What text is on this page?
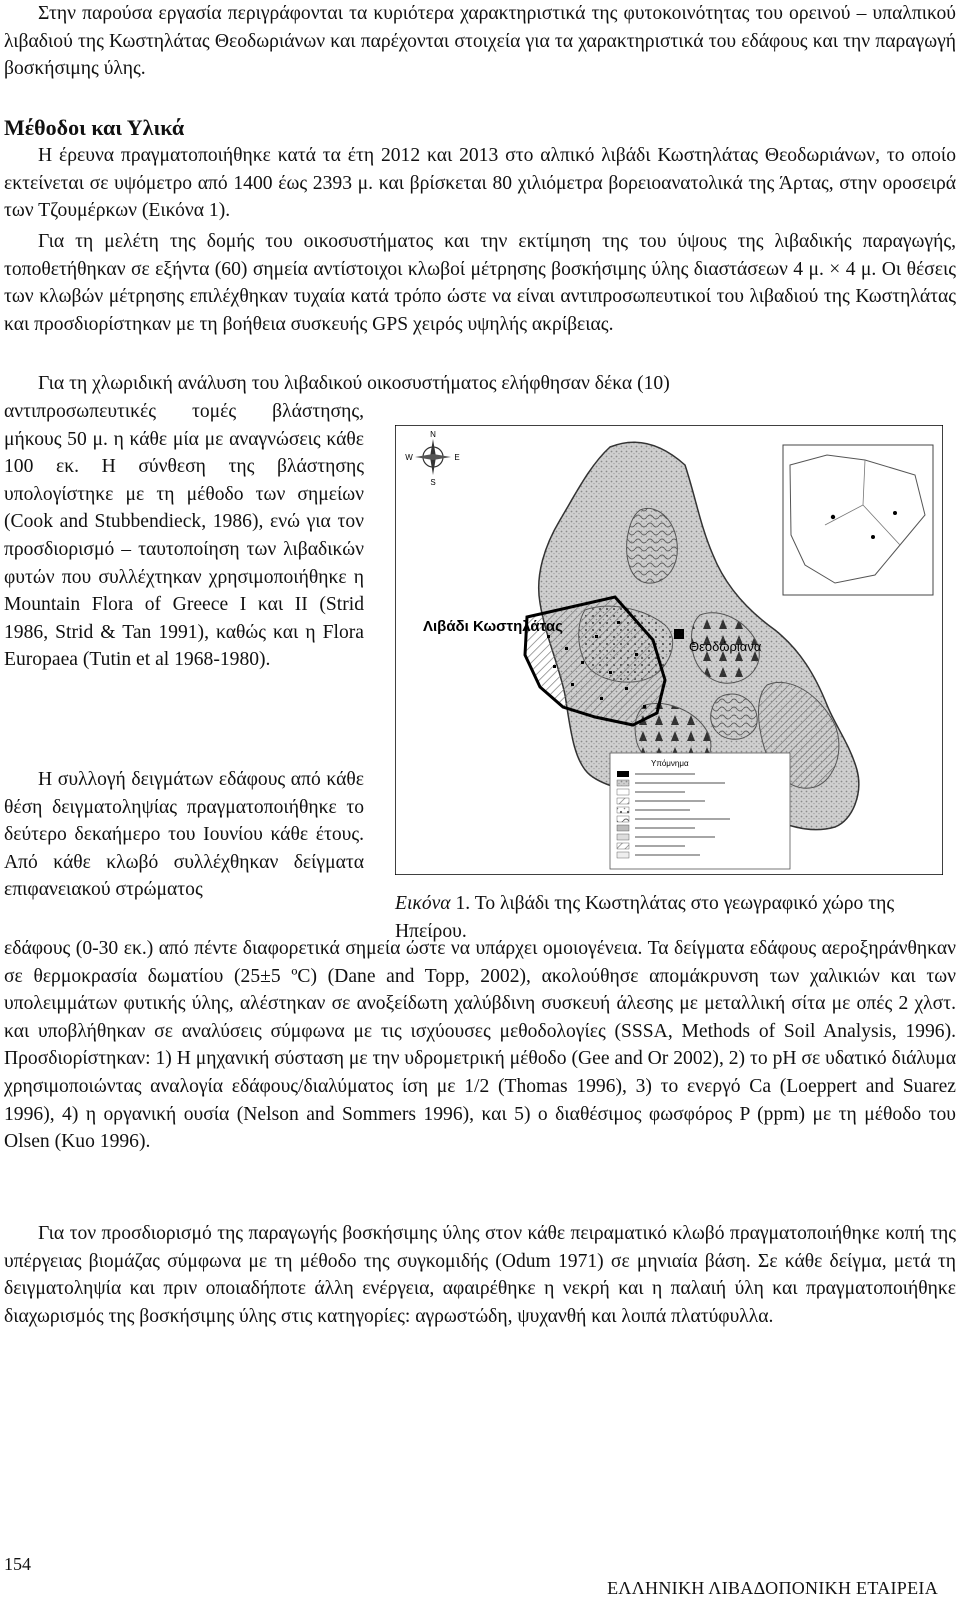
Στην παρούσα εργασία περιγράφονται τα κυριότερα χαρακτηριστικά της φυτοκοινότητας του ορεινού – υπαλπικού λιβαδιού της Κωστηλάτας Θεοδωριάνων και παρέχονται στοιχεία για τα χαρακτηριστικά του εδάφους και την παραγωγή βοσκήσιμης ύλης.

Μέθοδοι και Υλικά

Η έρευνα πραγματοποιήθηκε κατά τα έτη 2012 και 2013 στο αλπικό λιβάδι Κωστηλάτας Θεοδωριάνων, το οποίο εκτείνεται σε υψόμετρο από 1400 έως 2393 μ. και βρίσκεται 80 χιλιόμετρα βορειοανατολικά της Άρτας, στην οροσειρά των Τζουμέρκων (Εικόνα 1).

Για τη μελέτη της δομής του οικοσυστήματος και την εκτίμηση της του ύψους της λιβαδικής παραγωγής, τοποθετήθηκαν σε εξήντα (60) σημεία αντίστοιχοι κλωβοί μέτρησης βοσκήσιμης ύλης διαστάσεων 4 μ. × 4 μ. Οι θέσεις των κλωβών μέτρησης επιλέχθηκαν τυχαία κατά τρόπο ώστε να είναι αντιπροσωπευτικοί του λιβαδιού της Κωστηλάτας και προσδιορίστηκαν με τη βοήθεια συσκευής GPS χειρός υψηλής ακρίβειας.

Για τη χλωριδική ανάλυση του λιβαδικού οικοσυστήματος ελήφθησαν δέκα (10)

αντιπροσωπευτικές τομές βλάστησης, μήκους 50 μ. η κάθε μία με αναγνώσεις κάθε 100 εκ. Η σύνθεση της βλάστησης υπολογίστηκε με τη μέθοδο των σημείων (Cook and Stubbendieck, 1986), ενώ για τον προσδιορισμό – ταυτοποίηση των λιβαδικών φυτών που συλλέχτηκαν χρησιμοποιήθηκε η Mountain Flora of Greece I και II (Strid 1986, Strid & Tan 1991), καθώς και η Flora Europaea (Tutin et al 1968-1980).

Η συλλογή δειγμάτων εδάφους από κάθε θέση δειγματοληψίας πραγματοποιήθηκε το δεύτερο δεκαήμερο του Ιουνίου κάθε έτους. Από κάθε κλωβό συλλέχθηκαν δείγματα επιφανειακού στρώματος

εδάφους (0-30 εκ.) από πέντε διαφορετικά σημεία ώστε να υπάρχει ομοιογένεια. Τα δείγματα εδάφους αεροξηράνθηκαν σε θερμοκρασία δωματίου (25±5 ºC) (Dane and Topp, 2002), ακολούθησε απομάκρυνση των χαλικιών και των υπολειμμάτων φυτικής ύλης, αλέστηκαν σε ανοξείδωτη χαλύβδινη συσκευή άλεσης με μεταλλική σίτα με οπές 2 χλστ. και υποβλήθηκαν σε αναλύσεις σύμφωνα με τις ισχύουσες μεθοδολογίες (SSSA, Methods of Soil Analysis, 1996). Προσδιορίστηκαν: 1) Η μηχανική σύσταση με την υδρομετρική μέθοδο (Gee and Or 2002), 2) το pH σε υδατικό διάλυμα χρησιμοποιώντας αναλογία εδάφους/διαλύματος ίση με 1/2 (Thomas 1996), 3) το ενεργό Ca (Loeppert and Suarez 1996), 4) η οργανική ουσία (Nelson and Sommers 1996), και 5) ο διαθέσιμος φωσφόρος P (ppm) με τη μέθοδο του Olsen (Kuo 1996).

Για τον προσδιορισμό της παραγωγής βοσκήσιμης ύλης στον κάθε πειραματικό κλωβό πραγματοποιήθηκε κοπή της υπέργειας βιομάζας σύμφωνα με τη μέθοδο της συγκομιδής (Odum 1971) σε μηνιαία βάση. Σε κάθε δείγμα, μετά τη δειγματοληψία και πριν οποιαδήποτε άλλη ενέργεια, αφαιρέθηκε η νεκρή και η παλαιή ύλη και πραγματοποιήθηκε διαχωρισμός της βοσκήσιμης ύλης στις κατηγορίες: αγρωστώδη, ψυχανθή και λοιπά πλατύφυλλα.

N
S
E
W
Θεοδώριανα
Λιβάδι Κωστηλάτας
Υπόμνημα
Εικόνα 1. Το λιβάδι της Κωστηλάτας στο γεωγραφικό χώρο της Ηπείρου.
154
ΕΛΛΗΝΙΚΗ ΛΙΒΑΔΟΠΟΝΙΚΗ ΕΤΑΙΡΕΙΑ
